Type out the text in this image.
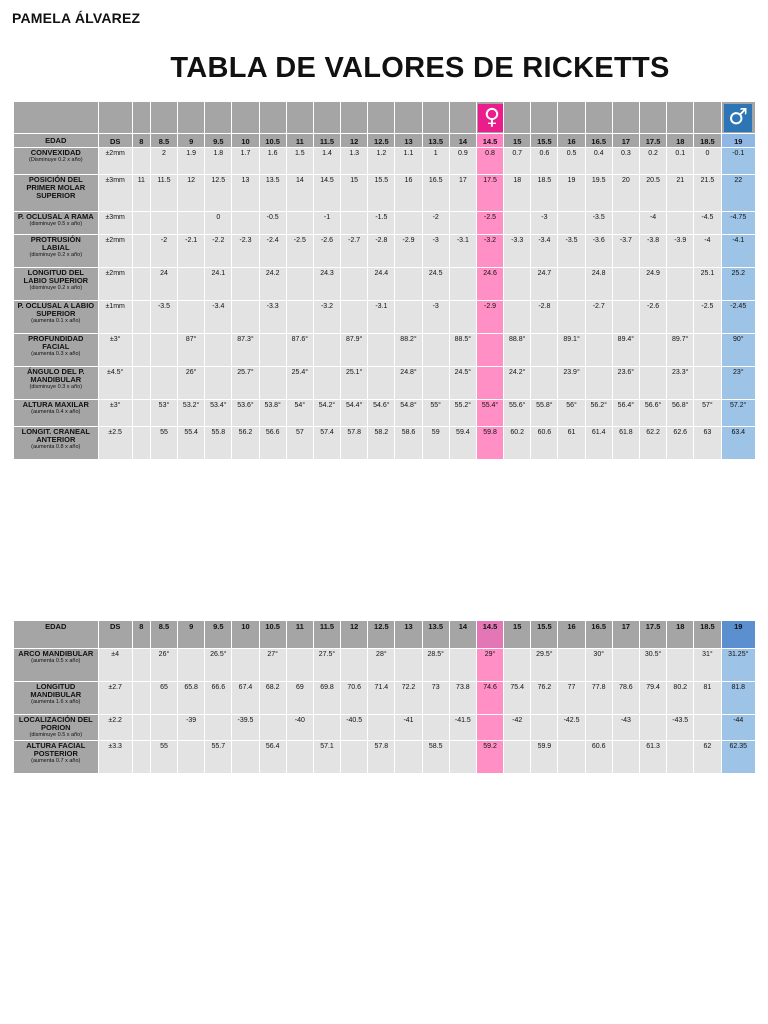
PAMELA ÁLVAREZ
TABLA DE VALORES DE RICKETTS
															♀									♂
EDAD	DS	8	8.5	9	9.5	10	10.5	11	11.5	12	12.5	13	13.5	14	14.5	15	15.5	16	16.5	17	17.5	18	18.5	19
CONVEXIDAD
(Disminuye 0.2 x año)	±2mm		2	1.9	1.8	1.7	1.6	1.5	1.4	1.3	1.2	1.1	1	0.9	0.8	0.7	0.6	0.5	0.4	0.3	0.2	0.1	0	-0.1
POSICIÓN DEL PRIMER MOLAR SUPERIOR	±3mm	11	11.5	12	12.5	13	13.5	14	14.5	15	15.5	16	16.5	17	17.5	18	18.5	19	19.5	20	20.5	21	21.5	22
P. OCLUSAL A RAMA
(disminuye 0.5 x año)	±3mm				0		-0.5		-1		-1.5		-2		-2.5		-3		-3.5		-4		-4.5	-4.75
PROTRUSIÓN LABIAL
(disminuye 0.2 x año)	±2mm		-2	-2.1	-2.2	-2.3	-2.4	-2.5	-2.6	-2.7	-2.8	-2.9	-3	-3.1	-3.2	-3.3	-3.4	-3.5	-3.6	-3.7	-3.8	-3.9	-4	-4.1
LONGITUD DEL LABIO SUPERIOR
(disminuye 0.2 x año)	±2mm		24		24.1		24.2		24.3		24.4		24.5		24.6		24.7		24.8		24.9		25.1	25.2
P. OCLUSAL A LABIO SUPERIOR
(aumenta 0.1 x año)	±1mm		-3.5		-3.4		-3.3		-3.2		-3.1		-3		-2.9		-2.8		-2.7		-2.6		-2.5	-2.45
PROFUNDIDAD FACIAL
(aumenta 0.3 x año)	±3°			87°		87.3°		87.6°		87.9°		88.2°		88.5°		88.8°		89.1°		89.4°		89.7°		90°
ÁNGULO DEL P. MANDIBULAR
(disminuye 0.3 x año)	±4.5°			26°		25.7°		25.4°		25.1°		24.8°		24.5°		24.2°		23.9°		23.6°		23.3°		23°
ALTURA MAXILAR
(aumenta 0.4 x año)	±3°		53°	53.2°	53.4°	53.6°	53.8°	54°	54.2°	54.4°	54.6°	54.8°	55°	55.2°	55.4°	55.6°	55.8°	56°	56.2°	56.4°	56.6°	56.8°	57°	57.2°
LONGIT. CRANEAL ANTERIOR
(aumenta 0.8 x año)	±2.5		55	55.4	55.8	56.2	56.6	57	57.4	57.8	58.2	58.6	59	59.4	59.8	60.2	60.6	61	61.4	61.8	62.2	62.6	63	63.4
EDAD	DS	8	8.5	9	9.5	10	10.5	11	11.5	12	12.5	13	13.5	14	14.5	15	15.5	16	16.5	17	17.5	18	18.5	19
ARCO MANDIBULAR
(aumenta 0.5 x año)	±4		26°		26.5°		27°		27.5°		28°		28.5°		29°		29.5°		30°		30.5°		31°	31.25°
LONGITUD MANDIBULAR
(aumenta 1.6 x año)	±2.7		65	65.8	66.6	67.4	68.2	69	69.8	70.6	71.4	72.2	73	73.8	74.6	75.4	76.2	77	77.8	78.6	79.4	80.2	81	81.8
LOCALIZACIÓN DEL PORION
(disminuye 0.5 x año)	±2.2			-39		-39.5		-40		-40.5		-41		-41.5		-42		-42.5		-43		-43.5		-44
ALTURA FACIAL POSTERIOR
(aumenta 0.7 x año)	±3.3		55		55.7		56.4		57.1		57.8		58.5		59.2		59.9		60.6		61.3		62	62.35
